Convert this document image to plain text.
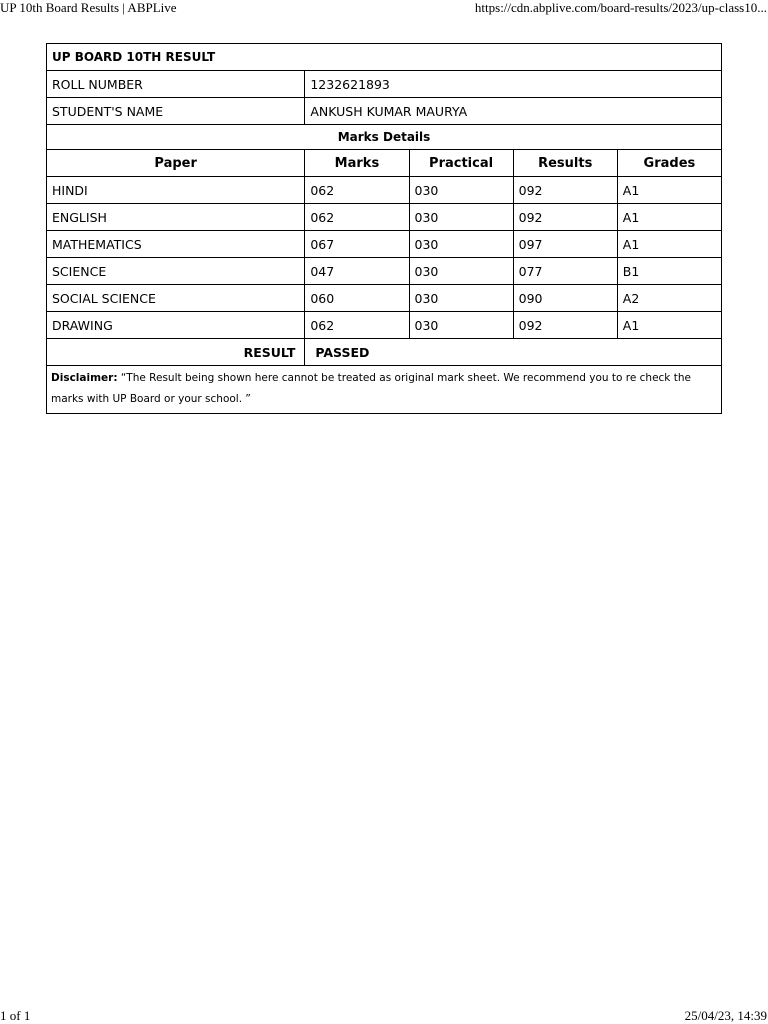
UP 10th Board Results | ABPLive	https://cdn.abplive.com/board-results/2023/up-class10...
UP BOARD 10TH RESULT				
ROLL NUMBER	1232621893			
STUDENT'S NAME	ANKUSH KUMAR MAURYA			
Marks Details				
Paper	Marks	Practical	Results	Grades
HINDI	062	030	092	A1
ENGLISH	062	030	092	A1
MATHEMATICS	067	030	097	A1
SCIENCE	047	030	077	B1
SOCIAL SCIENCE	060	030	090	A2
DRAWING	062	030	092	A1
RESULT	PASSED			
Disclaimer: “The Result being shown here cannot be treated as original mark sheet. We recommend you to re check the marks with UP Board or your school. ”				
1 of 1	25/04/23, 14:39
